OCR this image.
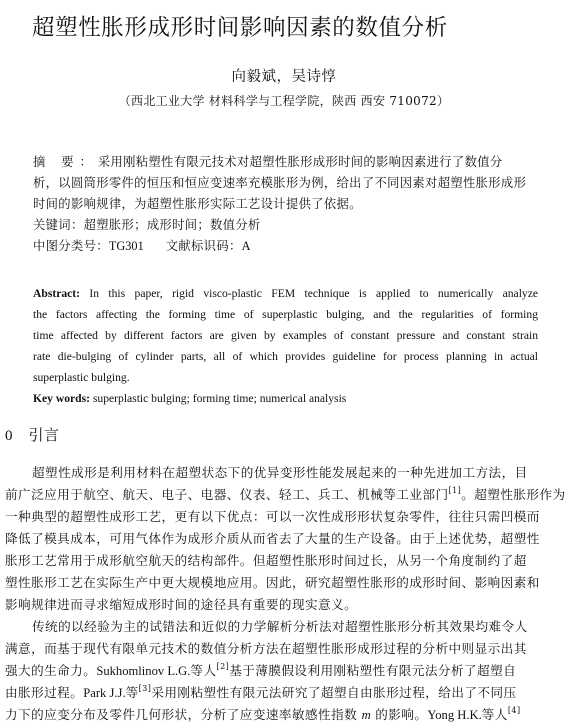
超塑性胀形成形时间影响因素的数值分析
向毅斌，吴诗惇
（西北工业大学 材料科学与工程学院，陕西 西安 710072）
摘 要：采用刚粘塑性有限元技术对超塑性胀形成形时间的影响因素进行了数值分
析，以圆筒形零件的恒压和恒应变速率充模胀形为例，给出了不同因素对超塑性胀形成形
时间的影响规律，为超塑性胀形实际工艺设计提供了依据。
关键词：超塑胀形；成形时间；数值分析
中图分类号：TG301 文献标识码：A
Abstract: In this paper, rigid visco-plastic FEM technique is applied to numerically analyze
the factors affecting the forming time of superplastic bulging, and the regularities of forming
time affected by different factors are given by examples of constant pressure and constant strain
rate die-bulging of cylinder parts, all of which provides guideline for process planning in actual
superplastic bulging.
Key words: superplastic bulging; forming time; numerical analysis
0 引言
超塑性成形是利用材料在超塑状态下的优异变形性能发展起来的一种先进加工方法，目
前广泛应用于航空、航天、电子、电器、仪表、轻工、兵工、机械等工业部门[1]。超塑性胀形作为
一种典型的超塑性成形工艺，更有以下优点：可以一次性成形形状复杂零件，往往只需凹模而
降低了模具成本，可用气体作为成形介质从而省去了大量的生产设备。由于上述优势，超塑性
胀形工艺常用于成形航空航天的结构部件。但超塑性胀形时间过长，从另一个角度制约了超
塑性胀形工艺在实际生产中更大规模地应用。因此，研究超塑性胀形的成形时间、影响因素和
影响规律进而寻求缩短成形时间的途径具有重要的现实意义。
传统的以经验为主的试错法和近似的力学解析分析法对超塑性胀形分析其效果均难令人
满意，而基于现代有限单元技术的数值分析方法在超塑性胀形成形过程的分析中则显示出其
强大的生命力。Sukhomlinov L.G.等人[2]基于薄膜假设利用刚粘塑性有限元法分析了超塑自
由胀形过程。Park J.J.等[3]采用刚粘塑性有限元法研究了超塑自由胀形过程，给出了不同压
力下的应变分布及零件几何形状，分析了应变速率敏感性指数 m 的影响。Yong H.K.等人[4]
